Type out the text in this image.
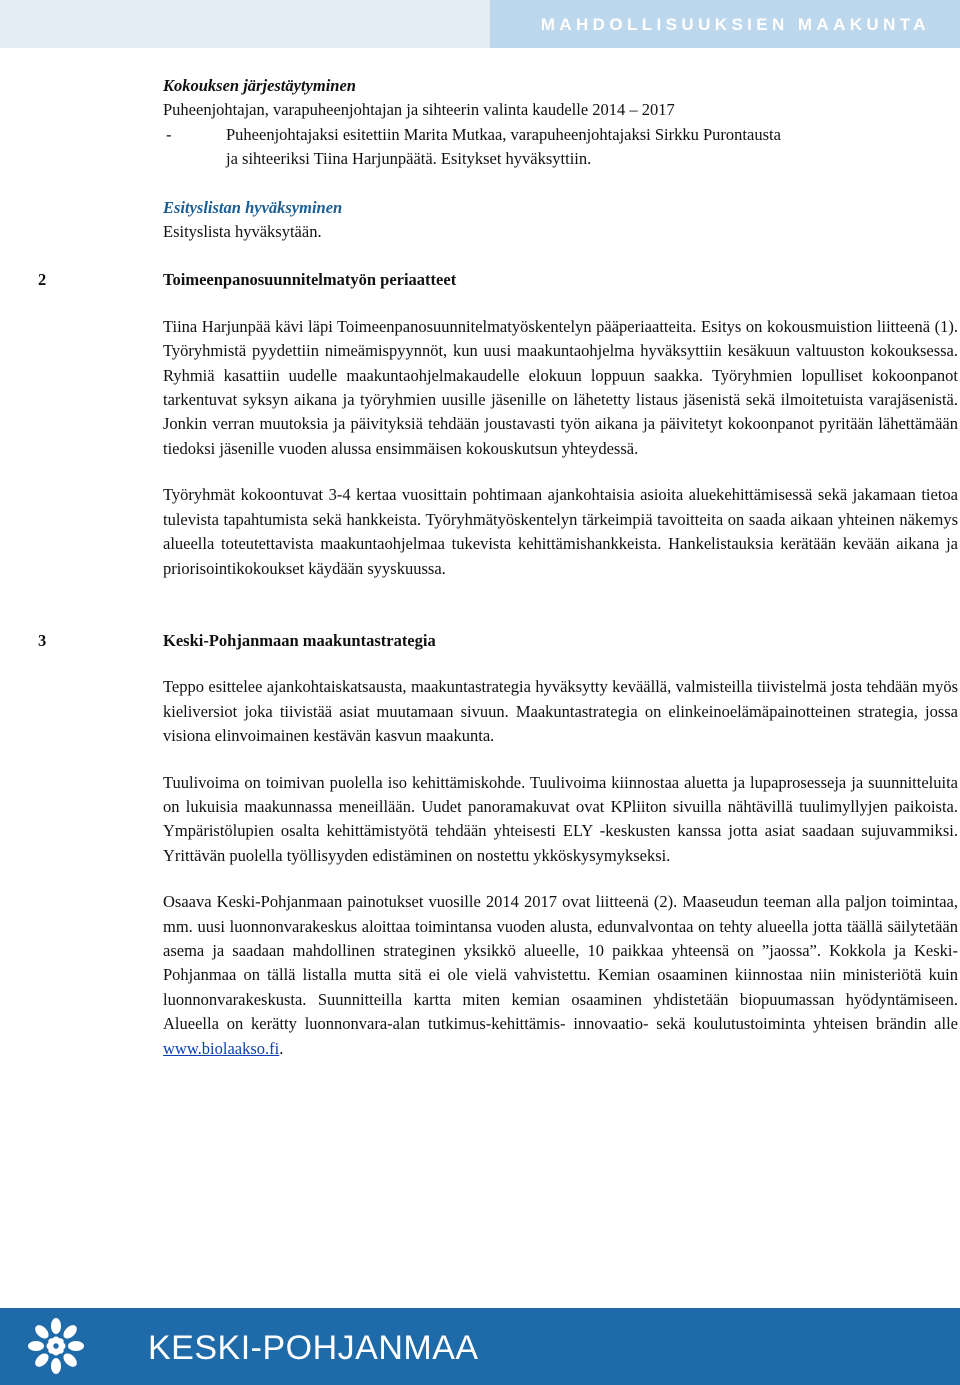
MAHDOLLISUUKSIEN MAAKUNTA
Kokouksen järjestäytyminen
Puheenjohtajan, varapuheenjohtajan ja sihteerin valinta kaudelle 2014 – 2017
-	Puheenjohtajaksi esitettiin Marita Mutkaa, varapuheenjohtajaksi Sirkku Purontausta
ja sihteeriksi Tiina Harjunpäätä. Esitykset hyväksyttiin.
Esityslistan hyväksyminen
Esityslista hyväksytään.
2	Toimeenpanosuunnitelmatyön periaatteet

Tiina Harjunpää kävi läpi Toimeenpanosuunnitelmatyöskentelyn pääperiaatteita. Esitys on kokousmuistion liitteenä (1). Työryhmistä pyydettiin nimeämispyynnöt, kun uusi maakuntaohjelma hyväksyttiin kesäkuun valtuuston kokouksessa. Ryhmiä kasattiin uudelle maakuntaohjelmakaudelle elokuun loppuun saakka. Työryhmien lopulliset kokoonpanot tarkentuvat syksyn aikana ja työryhmien uusille jäsenille on lähetetty listaus jäsenistä sekä ilmoitetuista varajäsenistä. Jonkin verran muutoksia ja päivityksiä tehdään joustavasti työn aikana ja päivitetyt kokoonpanot pyritään lähettämään tiedoksi jäsenille vuoden alussa ensimmäisen kokouskutsun yhteydessä.

Työryhmät kokoontuvat 3-4 kertaa vuosittain pohtimaan ajankohtaisia asioita aluekehittämisessä sekä jakamaan tietoa tulevista tapahtumista sekä hankkeista. Työryhmätyöskentelyn tärkeimpiä tavoitteita on saada aikaan yhteinen näkemys alueella toteutettavista maakuntaohjelmaa tukevista kehittämishankkeista. Hankelistauksia kerätään kevään aikana ja priorisointikokoukset käydään syyskuussa.

3	Keski-Pohjanmaan maakuntastrategia

Teppo esittelee ajankohtaiskatsausta, maakuntastrategia hyväksytty keväällä, valmisteilla tiivistelmä josta tehdään myös kieliversiot joka tiivistää asiat muutamaan sivuun. Maakuntastrategia on elinkeinoelämäpainotteinen strategia, jossa visiona elinvoimainen kestävän kasvun maakunta.

Tuulivoima on toimivan puolella iso kehittämiskohde. Tuulivoima kiinnostaa aluetta ja lupaprosesseja ja suunnitteluita on lukuisia maakunnassa meneillään. Uudet panoramakuvat ovat KPliiton sivuilla nähtävillä tuulimyllyjen paikoista. Ympäristölupien osalta kehittämistyötä tehdään yhteisesti ELY -keskusten kanssa jotta asiat saadaan sujuvammiksi. Yrittävän puolella työllisyyden edistäminen on nostettu ykköskysymykseksi.

Osaava Keski-Pohjanmaan painotukset vuosille 2014 2017 ovat liitteenä (2). Maaseudun teeman alla paljon toimintaa, mm. uusi luonnonvarakeskus aloittaa toimintansa vuoden alusta, edunvalvontaa on tehty alueella jotta täällä säilytetään asema ja saadaan mahdollinen strateginen yksikkö alueelle, 10 paikkaa yhteensä on ”jaossa”. Kokkola ja Keski-Pohjanmaa on tällä listalla mutta sitä ei ole vielä vahvistettu. Kemian osaaminen kiinnostaa niin ministeriötä kuin luonnonvarakeskusta. Suunnitteilla kartta miten kemian osaaminen yhdistetään biopuumassan hyödyntämiseen. Alueella on kerätty luonnonvara-alan tutkimus-kehittämis- innovaatio- sekä koulutustoiminta yhteisen brändin alle www.biolaakso.fi.

KESKI-POHJANMAA
